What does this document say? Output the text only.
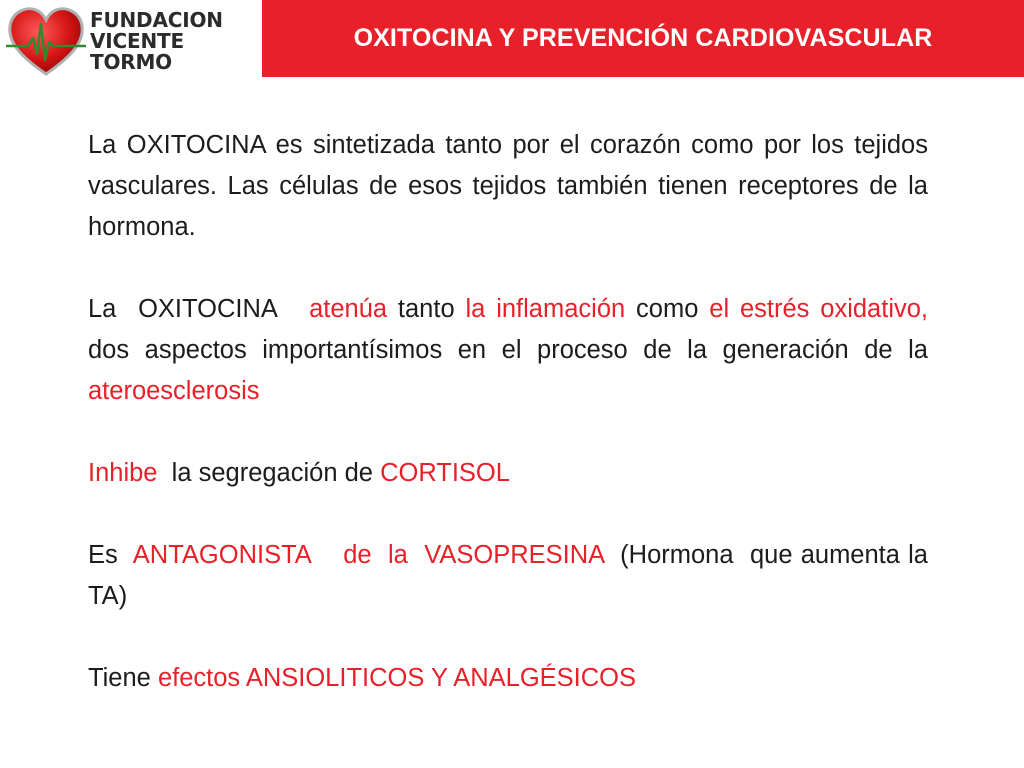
FUNDACION
VICENTE TORMO
OXITOCINA Y PREVENCIÓN CARDIOVASCULAR

La OXITOCINA es sintetizada tanto por el corazón como por los tejidos vasculares. Las células de esos tejidos también tienen receptores de la hormona.

La  OXITOCINA   atenúa tanto la inflamación como el estrés oxidativo, dos aspectos importantísimos en el proceso de la generación de la ateroesclerosis

Inhibe  la segregación de CORTISOL

Es  ANTAGONISTA    de  la  VASOPRESINA  (Hormona  que aumenta la TA)

Tiene efectos ANSIOLITICOS Y ANALGÉSICOS
